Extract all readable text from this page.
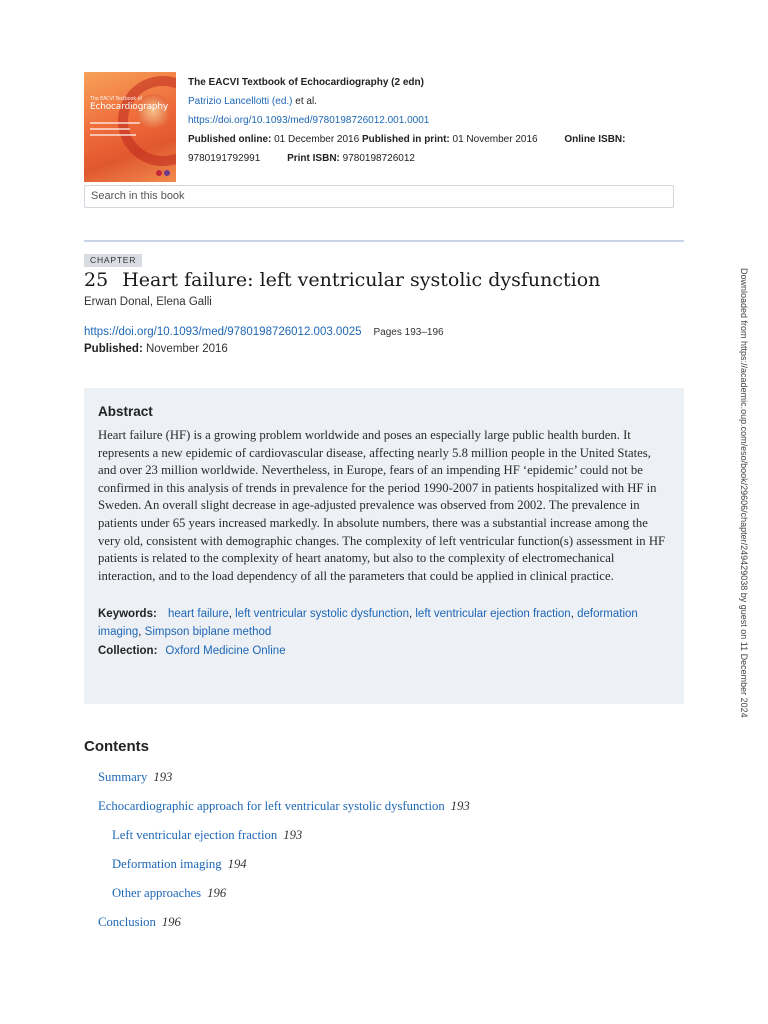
The EACVI Textbook of
Echocardiography
The EACVI Textbook of Echocardiography (2 edn)
Patrizio Lancellotti (ed.) et al.
https://doi.org/10.1093/med/9780198726012.001.0001
Published online: 01 December 2016 Published in print: 01 November 2016	Online ISBN:
9780191792991	Print ISBN: 9780198726012
Search in this book
CHAPTER
25 Heart failure: left ventricular systolic dysfunction
Erwan Donal, Elena Galli
https://doi.org/10.1093/med/9780198726012.003.0025 Pages 193–196
Published: November 2016
Abstract

Heart failure (HF) is a growing problem worldwide and poses an especially large public health burden. It represents a new epidemic of cardiovascular disease, affecting nearly 5.8 million people in the United States, and over 23 million worldwide. Nevertheless, in Europe, fears of an impending HF ‘epidemic’ could not be confirmed in this analysis of trends in prevalence for the period 1990-2007 in patients hospitalized with HF in Sweden. An overall slight decrease in age-adjusted prevalence was observed from 2002. The prevalence in patients under 65 years increased markedly. In absolute numbers, there was a substantial increase among the very old, consistent with demographic changes. The complexity of left ventricular function(s) assessment in HF patients is related to the complexity of heart anatomy, but also to the complexity of electromechanical interaction, and to the load dependency of all the parameters that could be applied in clinical practice.

Keywords: heart failure, left ventricular systolic dysfunction, left ventricular ejection fraction, deformation imaging, Simpson biplane method
Collection: Oxford Medicine Online
Contents
Summary 193
Echocardiographic approach for left ventricular systolic dysfunction 193
Left ventricular ejection fraction 193
Deformation imaging 194
Other approaches 196
Conclusion 196
Downloaded from https://academic.oup.com/eso/book/29606/chapter/249429038 by guest on 11 December 2024
